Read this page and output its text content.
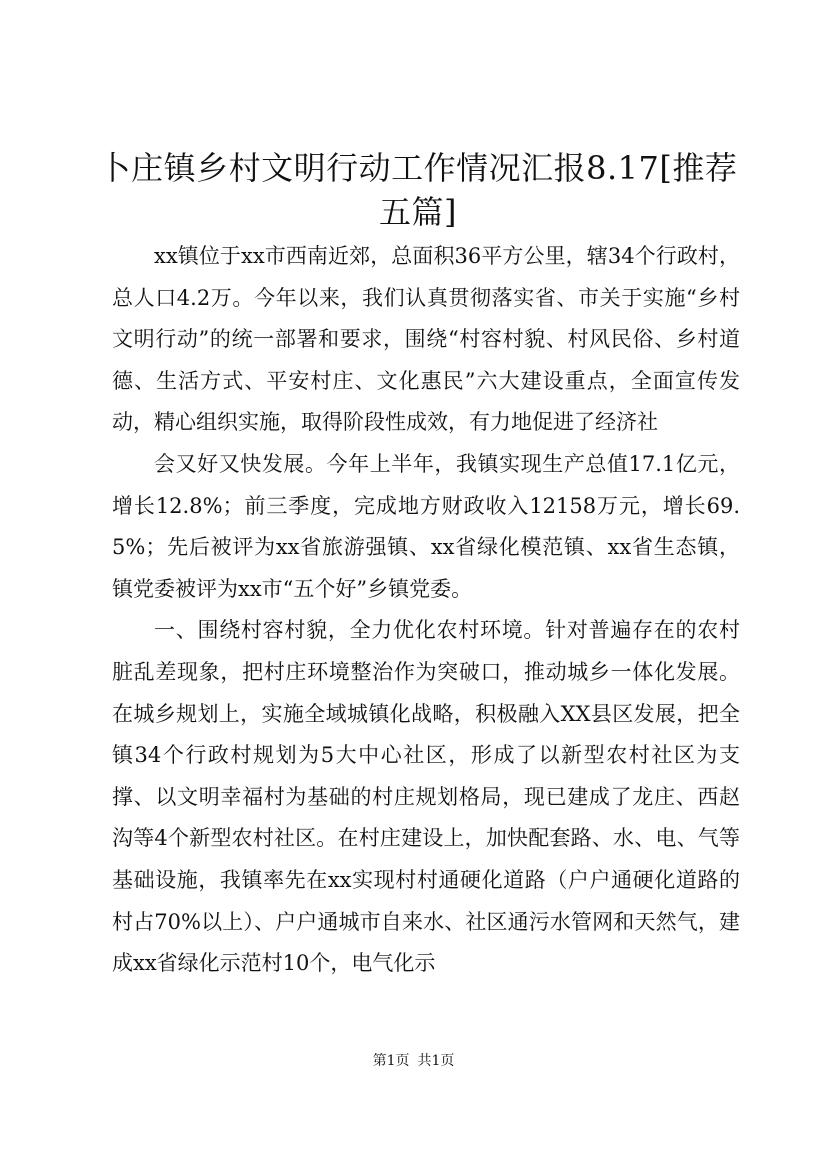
卜庄镇乡村文明行动工作情况汇报8.17[推荐五篇]

xx镇位于xx市西南近郊，总面积36平方公里，辖34个行政村，总人口4.2万。今年以来，我们认真贯彻落实省、市关于实施“乡村文明行动”的统一部署和要求，围绕“村容村貌、村风民俗、乡村道德、生活方式、平安村庄、文化惠民”六大建设重点，全面宣传发动，精心组织实施，取得阶段性成效，有力地促进了经济社

会又好又快发展。今年上半年，我镇实现生产总值17.1亿元，增长12.8%；前三季度，完成地方财政收入12158万元，增长69.5%；先后被评为xx省旅游强镇、xx省绿化模范镇、xx省生态镇，镇党委被评为xx市“五个好”乡镇党委。

一、围绕村容村貌，全力优化农村环境。针对普遍存在的农村脏乱差现象，把村庄环境整治作为突破口，推动城乡一体化发展。在城乡规划上，实施全域城镇化战略，积极融入XX县区发展，把全镇34个行政村规划为5大中心社区，形成了以新型农村社区为支撑、以文明幸福村为基础的村庄规划格局，现已建成了龙庄、西赵沟等4个新型农村社区。在村庄建设上，加快配套路、水、电、气等基础设施，我镇率先在xx实现村村通硬化道路（户户通硬化道路的村占70%以上）、户户通城市自来水、社区通污水管网和天然气，建成xx省绿化示范村10个，电气化示

第1页 共1页
